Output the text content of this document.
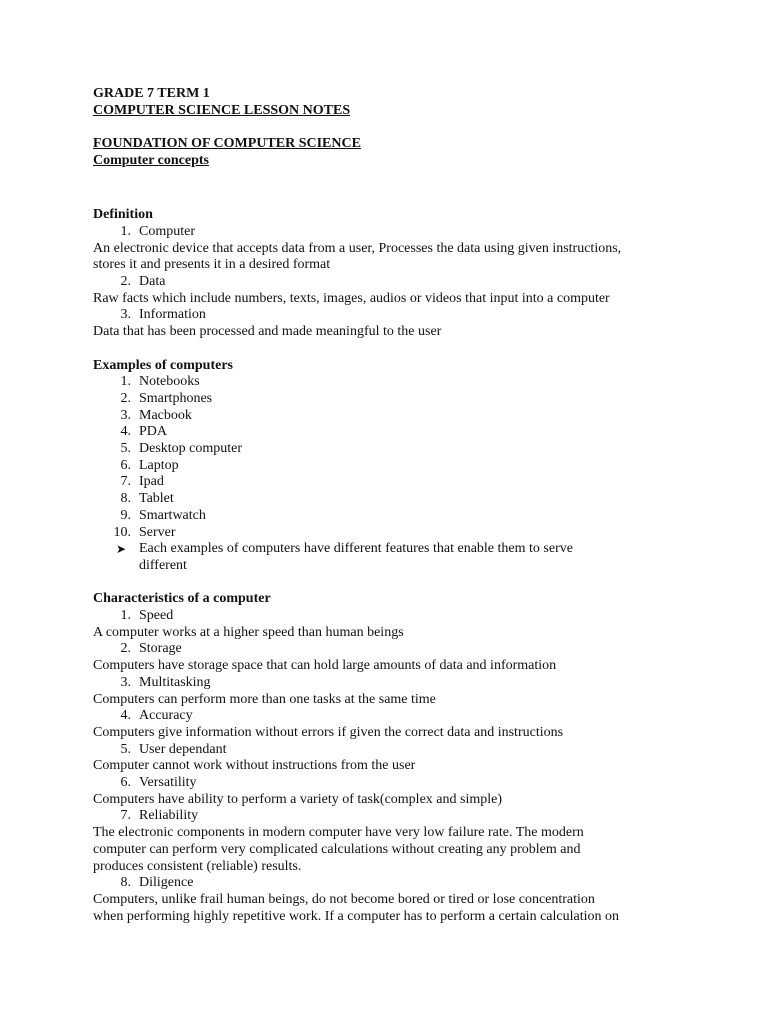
GRADE 7 TERM 1
COMPUTER SCIENCE LESSON NOTES
FOUNDATION OF COMPUTER SCIENCE
Computer concepts
Definition
1. Computer
An electronic device that accepts data from a user, Processes the data using given instructions, stores it and presents it in a desired format
2. Data
Raw facts which include numbers, texts, images, audios or videos that input into a computer
3. Information
Data that has been processed and made meaningful to the user
Examples of computers
1. Notebooks
2. Smartphones
3. Macbook
4. PDA
5. Desktop computer
6. Laptop
7. Ipad
8. Tablet
9. Smartwatch
10. Server
➤ Each examples of computers have different features that enable them to serve
different
Characteristics of a computer
1. Speed
A computer works at a higher speed than human beings
2. Storage
Computers have storage space that can hold large amounts of data and information
3. Multitasking
Computers can perform more than one tasks at the same time
4. Accuracy
Computers give information without errors if given the correct data and instructions
5. User dependant
Computer cannot work without instructions from the user
6. Versatility
Computers have ability to perform a variety of task(complex and simple)
7. Reliability
The electronic components in modern computer have very low failure rate. The modern
computer can perform very complicated calculations without creating any problem and
produces consistent (reliable) results.
8. Diligence
Computers, unlike frail human beings, do not become bored or tired or lose concentration
when performing highly repetitive work. If a computer has to perform a certain calculation on
